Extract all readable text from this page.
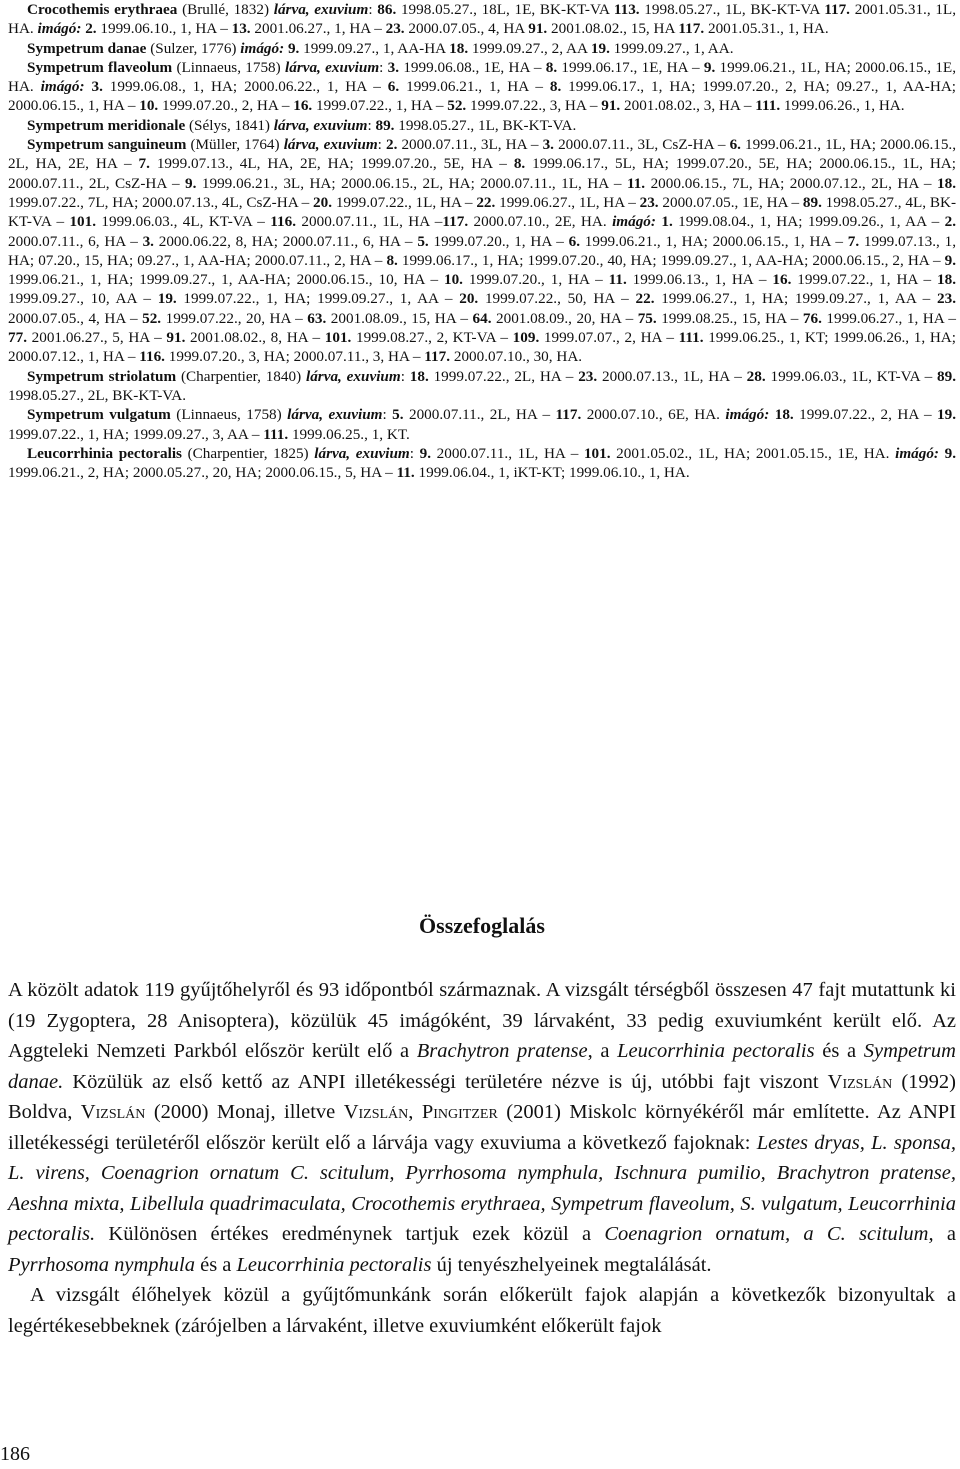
Crocothemis erythraea (Brullé, 1832) lárva, exuvium: 86. 1998.05.27., 18L, 1E, BK-KT-VA 113. 1998.05.27., 1L, BK-KT-VA 117. 2001.05.31., 1L, HA. imágó: 2. 1999.06.10., 1, HA – 13. 2001.06.27., 1, HA – 23. 2000.07.05., 4, HA 91. 2001.08.02., 15, HA 117. 2001.05.31., 1, HA.

Sympetrum danae (Sulzer, 1776) imágó: 9. 1999.09.27., 1, AA-HA 18. 1999.09.27., 2, AA 19. 1999.09.27., 1, AA.

Sympetrum flaveolum (Linnaeus, 1758) lárva, exuvium: 3. 1999.06.08., 1E, HA – 8. 1999.06.17., 1E, HA – 9. 1999.06.21., 1L, HA; 2000.06.15., 1E, HA. imágó: 3. 1999.06.08., 1, HA; 2000.06.22., 1, HA – 6. 1999.06.21., 1, HA – 8. 1999.06.17., 1, HA; 1999.07.20., 2, HA; 09.27., 1, AA-HA; 2000.06.15., 1, HA – 10. 1999.07.20., 2, HA – 16. 1999.07.22., 1, HA – 52. 1999.07.22., 3, HA – 91. 2001.08.02., 3, HA – 111. 1999.06.26., 1, HA.

Sympetrum meridionale (Sélys, 1841) lárva, exuvium: 89. 1998.05.27., 1L, BK-KT-VA.

Sympetrum sanguineum (Müller, 1764) lárva, exuvium: 2. 2000.07.11., 3L, HA – 3. 2000.07.11., 3L, CsZ-HA – 6. 1999.06.21., 1L, HA; 2000.06.15., 2L, HA, 2E, HA – 7. 1999.07.13., 4L, HA, 2E, HA; 1999.07.20., 5E, HA – 8. 1999.06.17., 5L, HA; 1999.07.20., 5E, HA; 2000.06.15., 1L, HA; 2000.07.11., 2L, CsZ-HA – 9. 1999.06.21., 3L, HA; 2000.06.15., 2L, HA; 2000.07.11., 1L, HA – 11. 2000.06.15., 7L, HA; 2000.07.12., 2L, HA – 18. 1999.07.22., 7L, HA; 2000.07.13., 4L, CsZ-HA – 20. 1999.07.22., 1L, HA – 22. 1999.06.27., 1L, HA – 23. 2000.07.05., 1E, HA – 89. 1998.05.27., 4L, BK-KT-VA – 101. 1999.06.03., 4L, KT-VA – 116. 2000.07.11., 1L, HA –117. 2000.07.10., 2E, HA. imágó: 1. 1999.08.04., 1, HA; 1999.09.26., 1, AA – 2. 2000.07.11., 6, HA – 3. 2000.06.22, 8, HA; 2000.07.11., 6, HA – 5. 1999.07.20., 1, HA – 6. 1999.06.21., 1, HA; 2000.06.15., 1, HA – 7. 1999.07.13., 1, HA; 07.20., 15, HA; 09.27., 1, AA-HA; 2000.07.11., 2, HA – 8. 1999.06.17., 1, HA; 1999.07.20., 40, HA; 1999.09.27., 1, AA-HA; 2000.06.15., 2, HA – 9. 1999.06.21., 1, HA; 1999.09.27., 1, AA-HA; 2000.06.15., 10, HA – 10. 1999.07.20., 1, HA – 11. 1999.06.13., 1, HA – 16. 1999.07.22., 1, HA – 18. 1999.09.27., 10, AA – 19. 1999.07.22., 1, HA; 1999.09.27., 1, AA – 20. 1999.07.22., 50, HA – 22. 1999.06.27., 1, HA; 1999.09.27., 1, AA – 23. 2000.07.05., 4, HA – 52. 1999.07.22., 20, HA – 63. 2001.08.09., 15, HA – 64. 2001.08.09., 20, HA – 75. 1999.08.25., 15, HA – 76. 1999.06.27., 1, HA – 77. 2001.06.27., 5, HA – 91. 2001.08.02., 8, HA – 101. 1999.08.27., 2, KT-VA – 109. 1999.07.07., 2, HA – 111. 1999.06.25., 1, KT; 1999.06.26., 1, HA; 2000.07.12., 1, HA – 116. 1999.07.20., 3, HA; 2000.07.11., 3, HA – 117. 2000.07.10., 30, HA.

Sympetrum striolatum (Charpentier, 1840) lárva, exuvium: 18. 1999.07.22., 2L, HA – 23. 2000.07.13., 1L, HA – 28. 1999.06.03., 1L, KT-VA – 89. 1998.05.27., 2L, BK-KT-VA.

Sympetrum vulgatum (Linnaeus, 1758) lárva, exuvium: 5. 2000.07.11., 2L, HA – 117. 2000.07.10., 6E, HA. imágó: 18. 1999.07.22., 2, HA – 19. 1999.07.22., 1, HA; 1999.09.27., 3, AA – 111. 1999.06.25., 1, KT.

Leucorrhinia pectoralis (Charpentier, 1825) lárva, exuvium: 9. 2000.07.11., 1L, HA – 101. 2001.05.02., 1L, HA; 2001.05.15., 1E, HA. imágó: 9. 1999.06.21., 2, HA; 2000.05.27., 20, HA; 2000.06.15., 5, HA – 11. 1999.06.04., 1, iKT-KT; 1999.06.10., 1, HA.

Összefoglalás

A közölt adatok 119 gyűjtőhelyről és 93 időpontból származnak. A vizsgált térségből összesen 47 fajt mutattunk ki (19 Zygoptera, 28 Anisoptera), közülük 45 imágóként, 39 lárvaként, 33 pedig exuviumként került elő. Az Aggteleki Nemzeti Parkból először került elő a Brachytron pratense, a Leucorrhinia pectoralis és a Sympetrum danae. Közülük az első kettő az ANPI illetékességi területére nézve is új, utóbbi fajt viszont Vizslán (1992) Boldva, Vizslán (2000) Monaj, illetve Vizslán, Pingitzer (2001) Miskolc környékéről már említette. Az ANPI illetékességi területéről először került elő a lárvája vagy exuviuma a következő fajoknak: Lestes dryas, L. sponsa, L. virens, Coenagrion ornatum C. scitulum, Pyrrhosoma nymphula, Ischnura pumilio, Brachytron pratense, Aeshna mixta, Libellula quadrimaculata, Crocothemis erythraea, Sympetrum flaveolum, S. vulgatum, Leucorrhinia pectoralis. Különösen értékes eredménynek tartjuk ezek közül a Coenagrion ornatum, a C. scitulum, a Pyrrhosoma nymphula és a Leucorrhinia pectoralis új tenyészhelyeinek megtalálását.

A vizsgált élőhelyek közül a gyűjtőmunkánk során előkerült fajok alapján a következők bizonyultak a legértékesebbeknek (zárójelben a lárvaként, illetve exuviumként előkerült fajok

186
